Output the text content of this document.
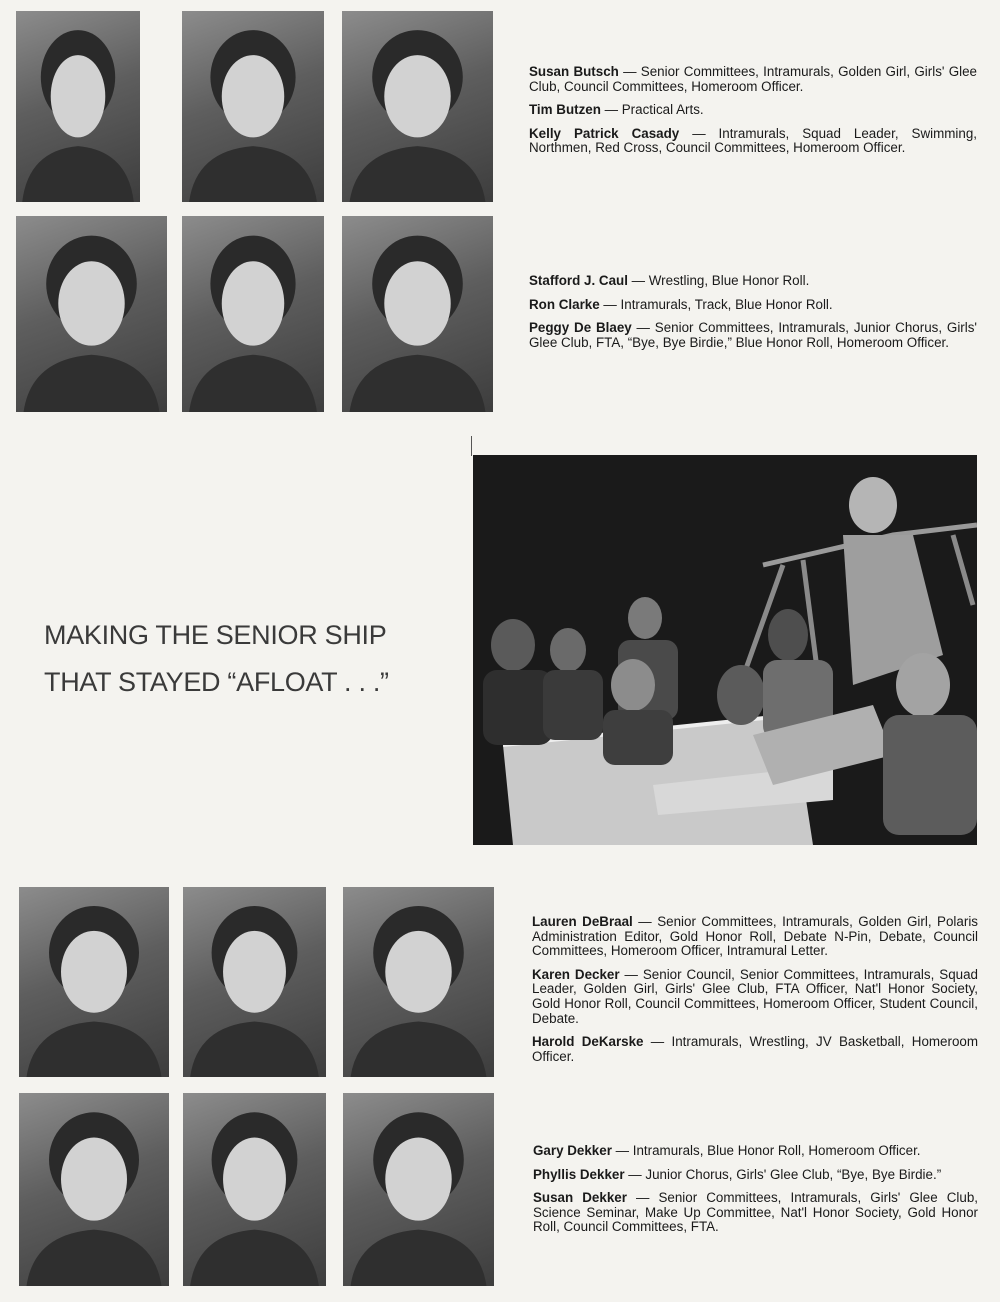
Susan Butsch — Senior Committees, Intramurals, Golden Girl, Girls' Glee Club, Council Committees, Homeroom Officer.

Tim Butzen — Practical Arts.

Kelly Patrick Casady — Intramurals, Squad Leader, Swimming, Northmen, Red Cross, Council Committees, Homeroom Officer.

Stafford J. Caul — Wrestling, Blue Honor Roll.

Ron Clarke — Intramurals, Track, Blue Honor Roll.

Peggy De Blaey — Senior Committees, Intramurals, Junior Chorus, Girls' Glee Club, FTA, “Bye, Bye Birdie,” Blue Honor Roll, Homeroom Officer.

Lauren DeBraal — Senior Committees, Intramurals, Golden Girl, Polaris Administration Editor, Gold Honor Roll, Debate N-Pin, Debate, Council Committees, Homeroom Officer, Intramural Letter.

Karen Decker — Senior Council, Senior Committees, Intramurals, Squad Leader, Golden Girl, Girls' Glee Club, FTA Officer, Nat'l Honor Society, Gold Honor Roll, Council Committees, Homeroom Officer, Student Council, Debate.

Harold DeKarske — Intramurals, Wrestling, JV Basketball, Homeroom Officer.

Gary Dekker — Intramurals, Blue Honor Roll, Homeroom Officer.

Phyllis Dekker — Junior Chorus, Girls' Glee Club, “Bye, Bye Birdie.”

Susan Dekker — Senior Committees, Intramurals, Girls' Glee Club, Science Seminar, Make Up Committee, Nat'l Honor Society, Gold Honor Roll, Council Committees, FTA.

MAKING THE SENIOR SHIP
THAT STAYED “AFLOAT . . .”
